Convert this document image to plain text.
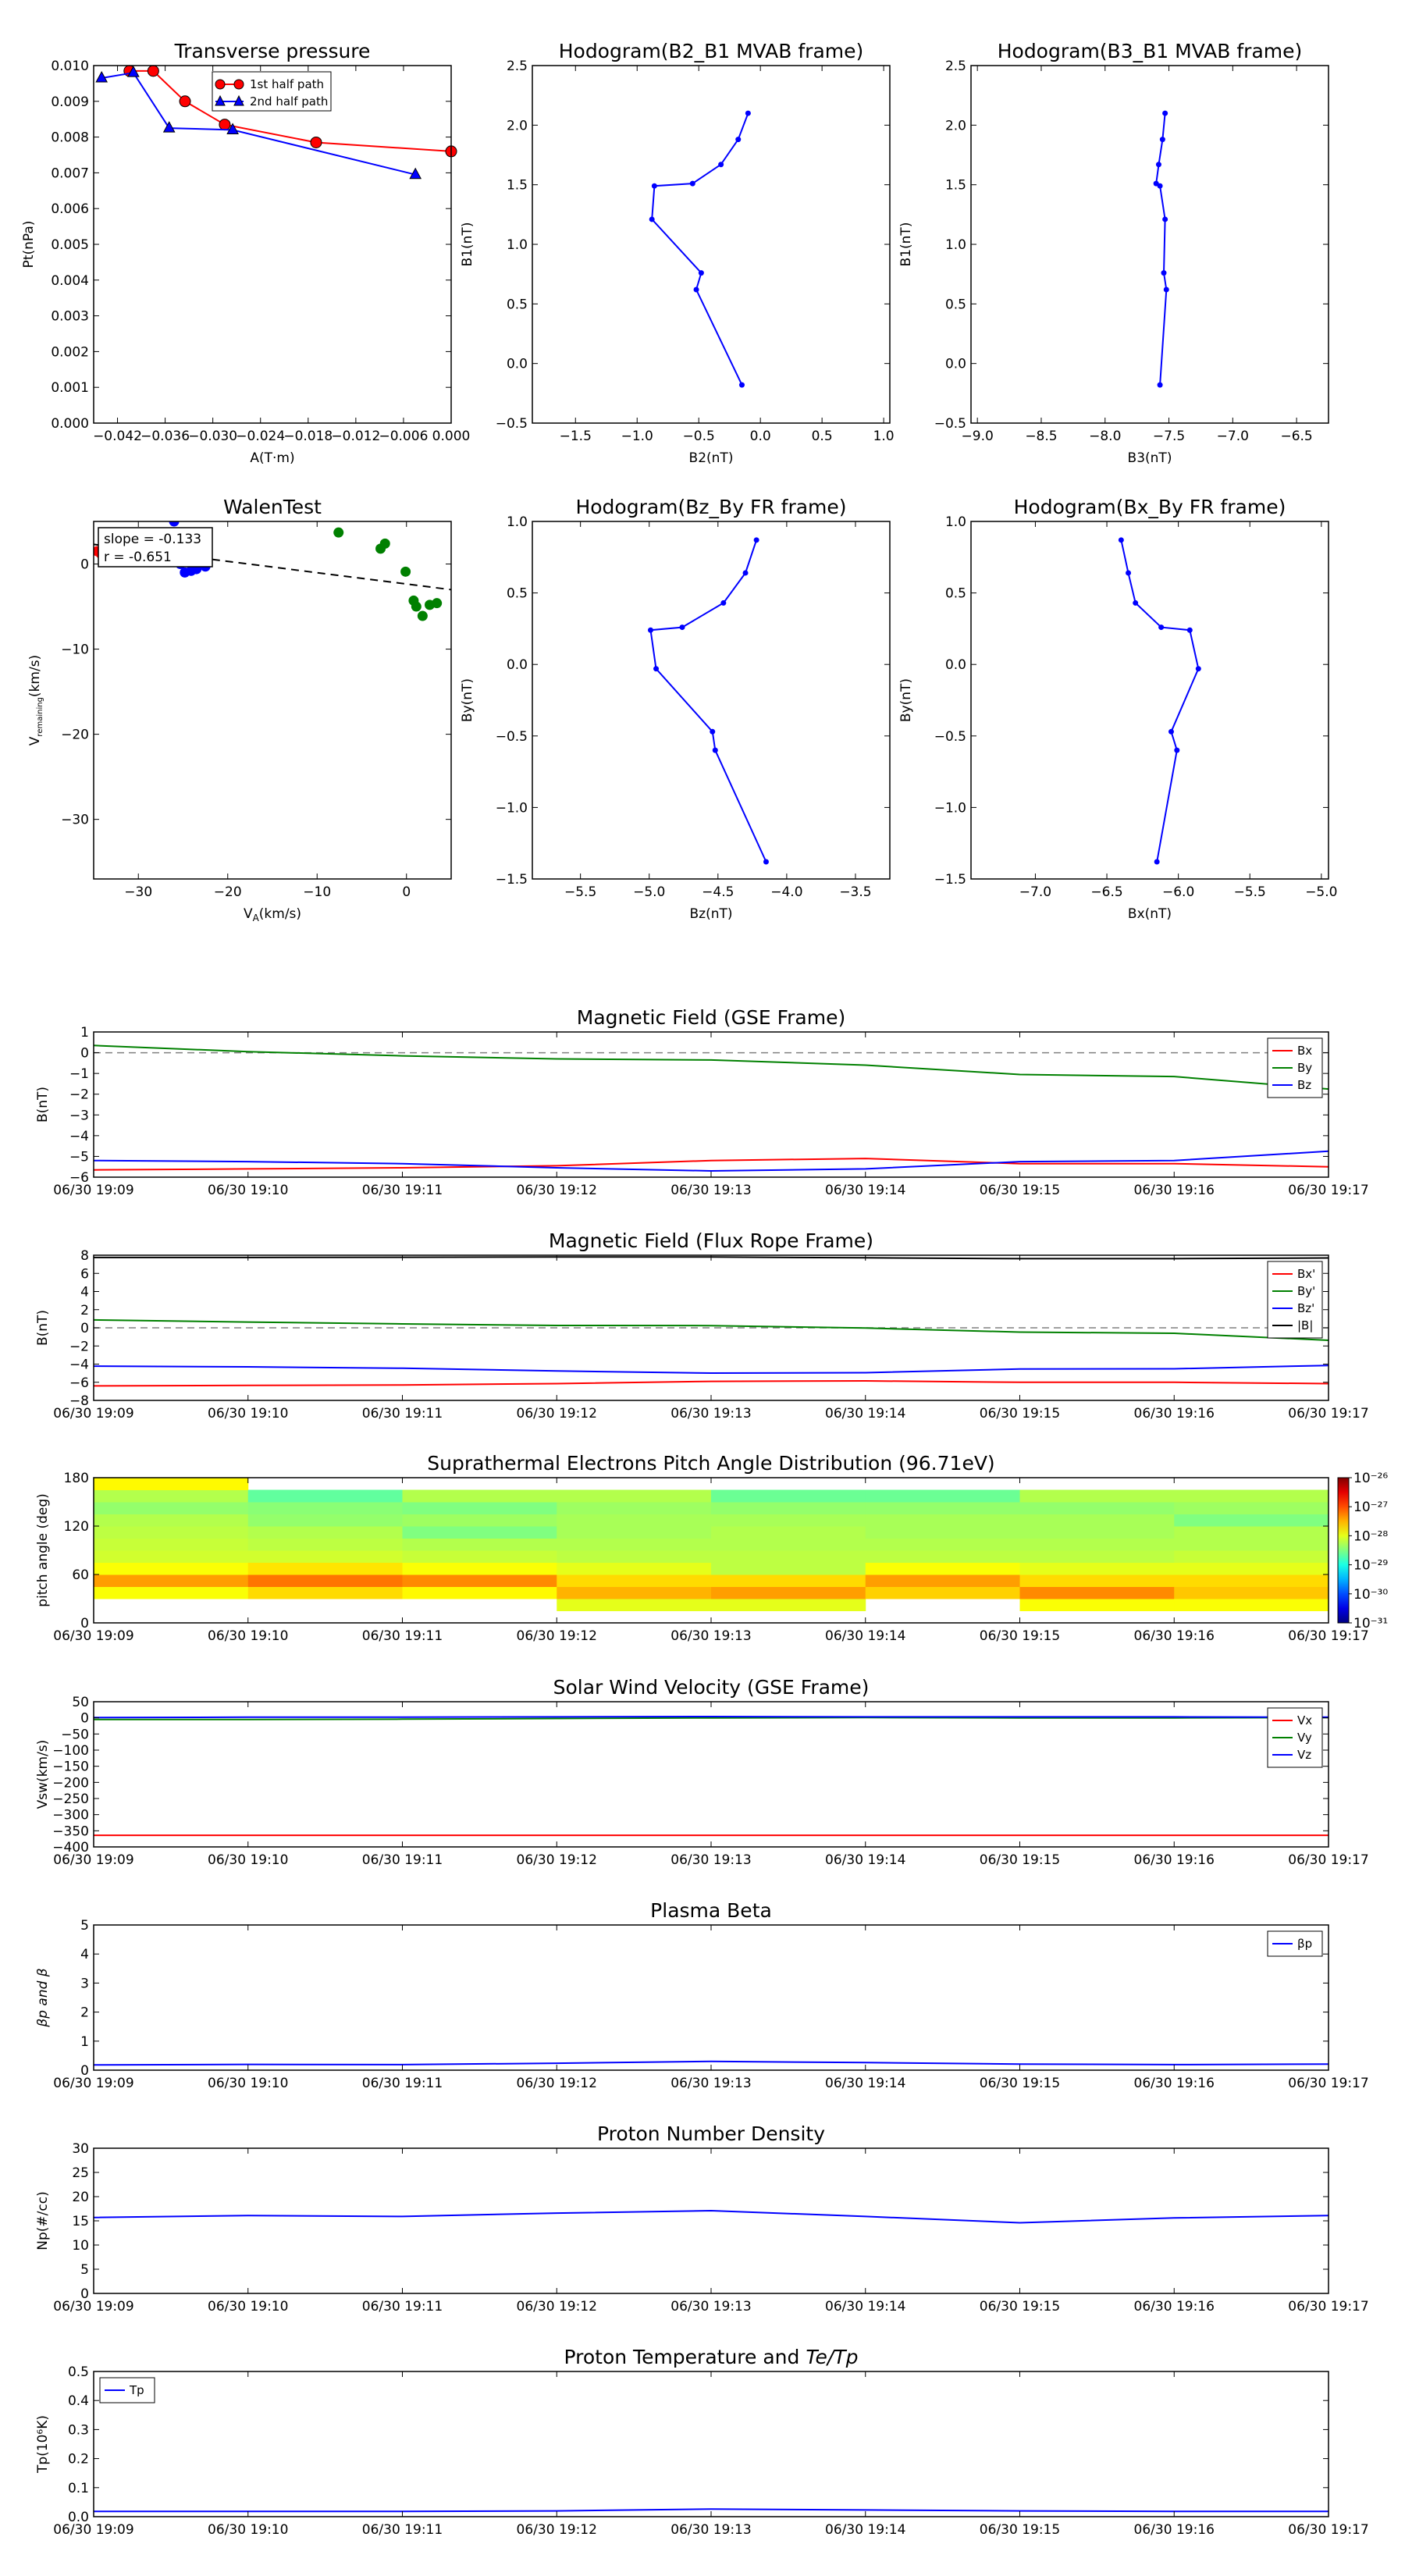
0.000
0.001
0.002
0.003
0.004
0.005
0.006
0.007
0.008
0.009
0.010
−0.042
−0.036
−0.030
−0.024
−0.018
−0.012
−0.006 0.000
Transverse pressure
A(T·m)
Pt(nPa)
1st half path
2nd half path
−0.5
0.0
0.5
1.0
1.5
2.0
2.5
−1.5 −1.0 −0.5	0.0	0.5	1.0
Hodogram(B2_B1 MVAB frame)
B2(nT)
B1(nT)
−0.5
0.0
0.5
1.0
1.5
2.0
2.5
−9.0 −8.5 −8.0 −7.5 −7.0 −6.5
Hodogram(B3_B1 MVAB frame)
B3(nT)
B1(nT)
−1.5
−1.0
−0.5
0.0
0.5
1.0
−5.5	−5.0	−4.5	−4.0	−3.5
Hodogram(Bz_By FR frame)
Bz(nT)
By(nT)
−1.5
−1.0
−0.5
0.0
0.5
1.0
−7.0	−6.5	−6.0	−5.5	−5.0
Hodogram(Bx_By FR frame)
Bx(nT)
By(nT)
−30
−20
−10
0
−30	−20	−10	0
WalenTest
slope = -0.133
r = -0.651
$V_A(km/s)$
$V_{remaining}(km/s)$
−6
−5
−4
−3
−2
−1
0
1
06/30 19:09	06/30 19:10	06/30 19:11	06/30 19:12	06/30 19:13	06/30 19:14	06/30 19:15	06/30 19:16	06/30 19:17
Magnetic Field (GSE Frame)
B(nT)
Bx
By
Bz
−8
−6
−4
−2
0
2
4
6
8
06/30 19:09	06/30 19:10	06/30 19:11	06/30 19:12	06/30 19:13	06/30 19:14	06/30 19:15	06/30 19:16	06/30 19:17
Magnetic Field (Flux Rope Frame)
B(nT)
Bx'
By'
Bz'
|B|
−400
−350
−300
−250
−200
−150
−100
−50
0
50
06/30 19:09	06/30 19:10	06/30 19:11	06/30 19:12	06/30 19:13	06/30 19:14	06/30 19:15	06/30 19:16	06/30 19:17
Solar Wind Velocity (GSE Frame)
Vsw(km/s)
Vx
Vy
Vz
0
1
2
3
4
5
06/30 19:09	06/30 19:10	06/30 19:11	06/30 19:12	06/30 19:13	06/30 19:14	06/30 19:15	06/30 19:16	06/30 19:17
Plasma Beta
βp
0
5
10
15
20
25
30
06/30 19:09	06/30 19:10	06/30 19:11	06/30 19:12	06/30 19:13	06/30 19:14	06/30 19:15	06/30 19:16	06/30 19:17
Proton Number Density
Np(#/cc)
0.0
0.1
0.2
0.3
0.4
0.5
06/30 19:09	06/30 19:10	06/30 19:11	06/30 19:12	06/30 19:13	06/30 19:14	06/30 19:15	06/30 19:16	06/30 19:17
Proton Temperature and Te/Tp
Tp
Tp(10⁶K)
βp and β
0
60
120
180
06/30 19:09	06/30 19:10	06/30 19:11	06/30 19:12	06/30 19:13	06/30 19:14	06/30 19:15	06/30 19:16	06/30 19:17
Suprathermal Electrons Pitch Angle Distribution (96.71eV)
pitch angle (deg)
10⁻²⁶
10⁻²⁷
10⁻²⁸
10⁻²⁹
10⁻³⁰
10⁻³¹
